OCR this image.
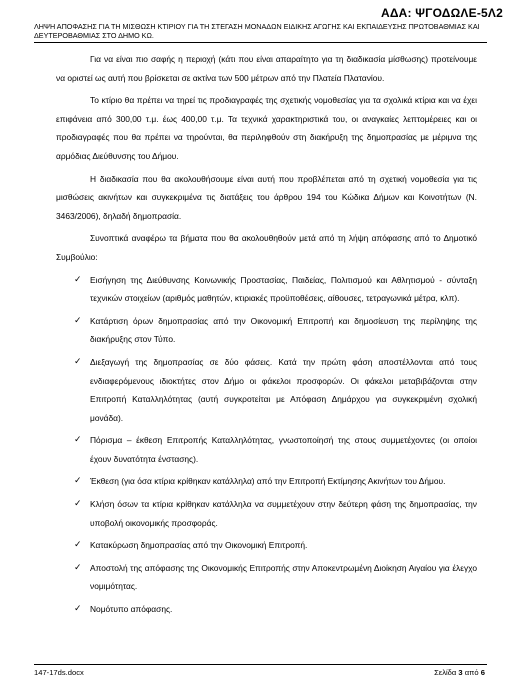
ΑΔΑ: ΨΓΟΔΩΛΕ-5Λ2
ΛΗΨΗ ΑΠΟΦΑΣΗΣ ΓΙΑ ΤΗ ΜΙΣΘΩΣΗ ΚΤΙΡΙΟΥ ΓΙΑ ΤΗ ΣΤΕΓΑΣΗ ΜΟΝΑΔΩΝ ΕΙΔΙΚΗΣ ΑΓΩΓΗΣ ΚΑΙ ΕΚΠΑΙΔΕΥΣΗΣ ΠΡΩΤΟΒΑΘΜΙΑΣ ΚΑΙ ΔΕΥΤΕΡΟΒΑΘΜΙΑΣ ΣΤΟ ΔΗΜΟ ΚΩ.

Για να είναι πιο σαφής η περιοχή (κάτι που είναι απαραίτητο για τη διαδικασία μίσθωσης) προτείνουμε να οριστεί ως αυτή που βρίσκεται σε ακτίνα των 500 μέτρων από την Πλατεία Πλατανίου.

Το κτίριο θα πρέπει να τηρεί τις προδιαγραφές της σχετικής νομοθεσίας για τα σχολικά κτίρια και να έχει επιφάνεια από 300,00 τ.μ. έως 400,00 τ.μ. Τα τεχνικά χαρακτηριστικά του, οι αναγκαίες λεπτομέρειες και οι προδιαγραφές που θα πρέπει να τηρούνται, θα περιληφθούν στη διακήρυξη της δημοπρασίας με μέριμνα της αρμόδιας Διεύθυνσης του Δήμου.

Η διαδικασία που θα ακολουθήσουμε είναι αυτή που προβλέπεται από τη σχετική νομοθεσία για τις μισθώσεις ακινήτων και συγκεκριμένα τις διατάξεις του άρθρου 194 του Κώδικα Δήμων και Κοινοτήτων (Ν. 3463/2006), δηλαδή δημοπρασία.

Συνοπτικά αναφέρω τα βήματα που θα ακολουθηθούν μετά από τη λήψη απόφασης από το Δημοτικό Συμβούλιο:

✓ Εισήγηση της Διεύθυνσης Κοινωνικής Προστασίας, Παιδείας, Πολιτισμού και Αθλητισμού - σύνταξη τεχνικών στοιχείων (αριθμός μαθητών, κτιριακές προϋποθέσεις, αίθουσες, τετραγωνικά μέτρα, κλπ).
✓ Κατάρτιση όρων δημοπρασίας από την Οικονομική Επιτροπή και δημοσίευση της περίληψης της διακήρυξης στον Τύπο.
✓ Διεξαγωγή της δημοπρασίας σε δύο φάσεις. Κατά την πρώτη φάση αποστέλλονται από τους ενδιαφερόμενους ιδιοκτήτες στον Δήμο οι φάκελοι προσφορών. Οι φάκελοι μεταβιβάζονται στην Επιτροπή Καταλληλότητας (αυτή συγκροτείται με Απόφαση Δημάρχου για συγκεκριμένη σχολική μονάδα).
✓ Πόρισμα – έκθεση Επιτροπής Καταλληλότητας, γνωστοποίησή της στους συμμετέχοντες (οι οποίοι έχουν δυνατότητα ένστασης).
✓ Έκθεση (για όσα κτίρια κρίθηκαν κατάλληλα) από την Επιτροπή Εκτίμησης Ακινήτων του Δήμου.
✓ Κλήση όσων τα κτίρια κρίθηκαν κατάλληλα να συμμετέχουν στην δεύτερη φάση της δημοπρασίας, την υποβολή οικονομικής προσφοράς.
✓ Κατακύρωση δημοπρασίας από την Οικονομική Επιτροπή.
✓ Αποστολή της απόφασης της Οικονομικής Επιτροπής στην Αποκεντρωμένη Διοίκηση Αιγαίου για έλεγχο νομιμότητας.
✓ Νομότυπο απόφασης.
147-17ds.docx	Σελίδα 3 από 6
